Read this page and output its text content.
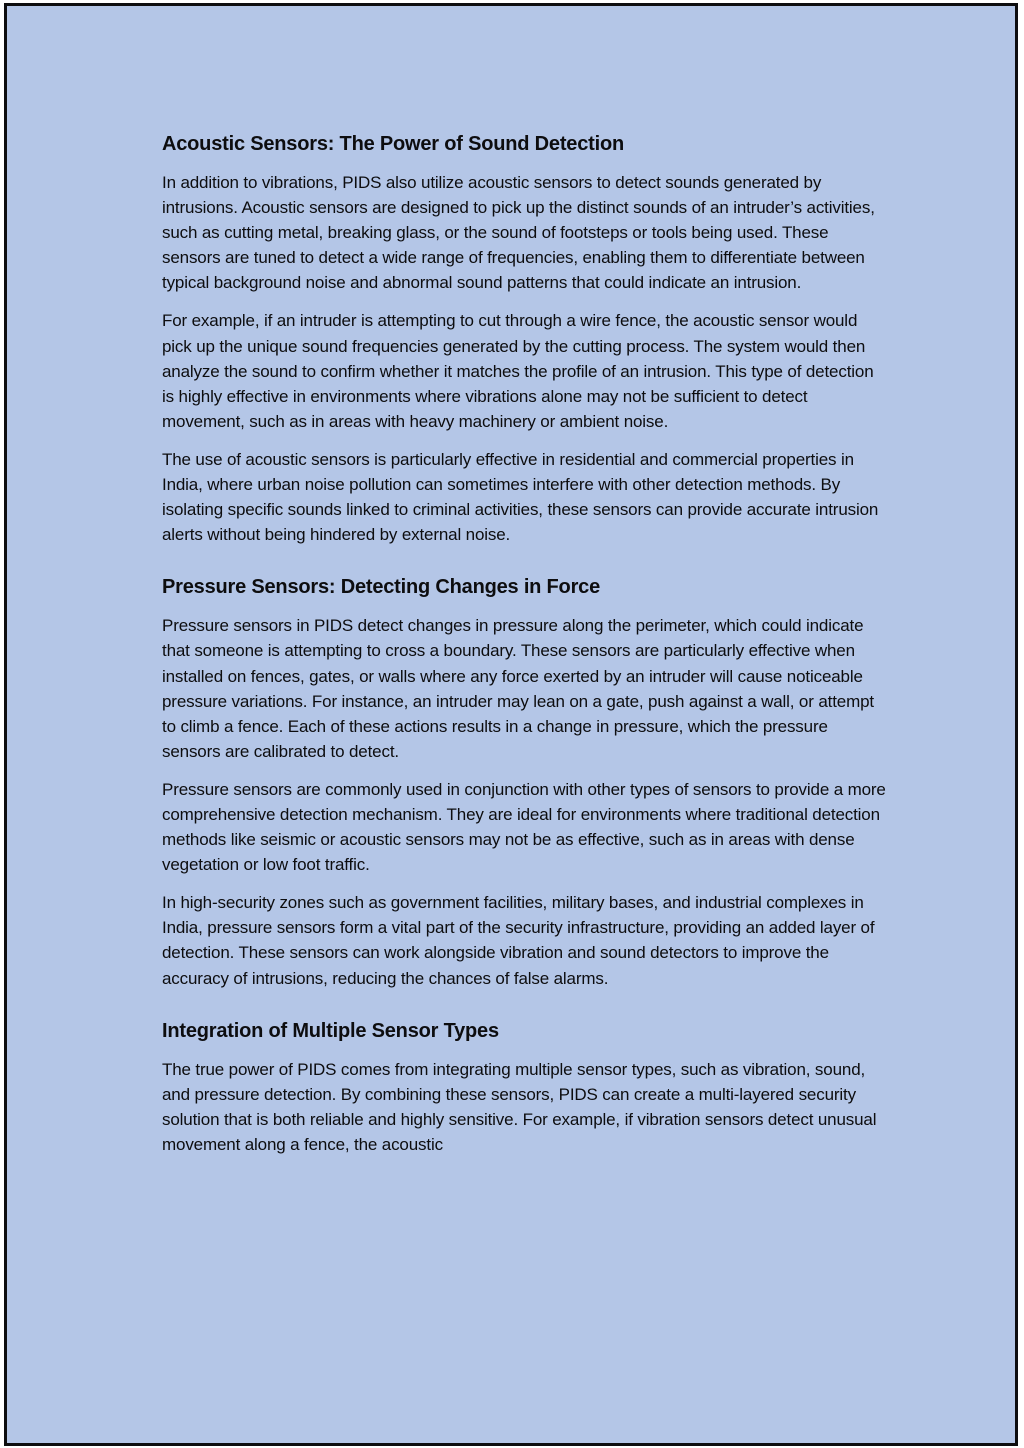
Acoustic Sensors: The Power of Sound Detection

In addition to vibrations, PIDS also utilize acoustic sensors to detect sounds generated by intrusions. Acoustic sensors are designed to pick up the distinct sounds of an intruder’s activities, such as cutting metal, breaking glass, or the sound of footsteps or tools being used. These sensors are tuned to detect a wide range of frequencies, enabling them to differentiate between typical background noise and abnormal sound patterns that could indicate an intrusion.

For example, if an intruder is attempting to cut through a wire fence, the acoustic sensor would pick up the unique sound frequencies generated by the cutting process. The system would then analyze the sound to confirm whether it matches the profile of an intrusion. This type of detection is highly effective in environments where vibrations alone may not be sufficient to detect movement, such as in areas with heavy machinery or ambient noise.

The use of acoustic sensors is particularly effective in residential and commercial properties in India, where urban noise pollution can sometimes interfere with other detection methods. By isolating specific sounds linked to criminal activities, these sensors can provide accurate intrusion alerts without being hindered by external noise.

Pressure Sensors: Detecting Changes in Force

Pressure sensors in PIDS detect changes in pressure along the perimeter, which could indicate that someone is attempting to cross a boundary. These sensors are particularly effective when installed on fences, gates, or walls where any force exerted by an intruder will cause noticeable pressure variations. For instance, an intruder may lean on a gate, push against a wall, or attempt to climb a fence. Each of these actions results in a change in pressure, which the pressure sensors are calibrated to detect.

Pressure sensors are commonly used in conjunction with other types of sensors to provide a more comprehensive detection mechanism. They are ideal for environments where traditional detection methods like seismic or acoustic sensors may not be as effective, such as in areas with dense vegetation or low foot traffic.

In high-security zones such as government facilities, military bases, and industrial complexes in India, pressure sensors form a vital part of the security infrastructure, providing an added layer of detection. These sensors can work alongside vibration and sound detectors to improve the accuracy of intrusions, reducing the chances of false alarms.

Integration of Multiple Sensor Types

The true power of PIDS comes from integrating multiple sensor types, such as vibration, sound, and pressure detection. By combining these sensors, PIDS can create a multi-layered security solution that is both reliable and highly sensitive. For example, if vibration sensors detect unusual movement along a fence, the acoustic
